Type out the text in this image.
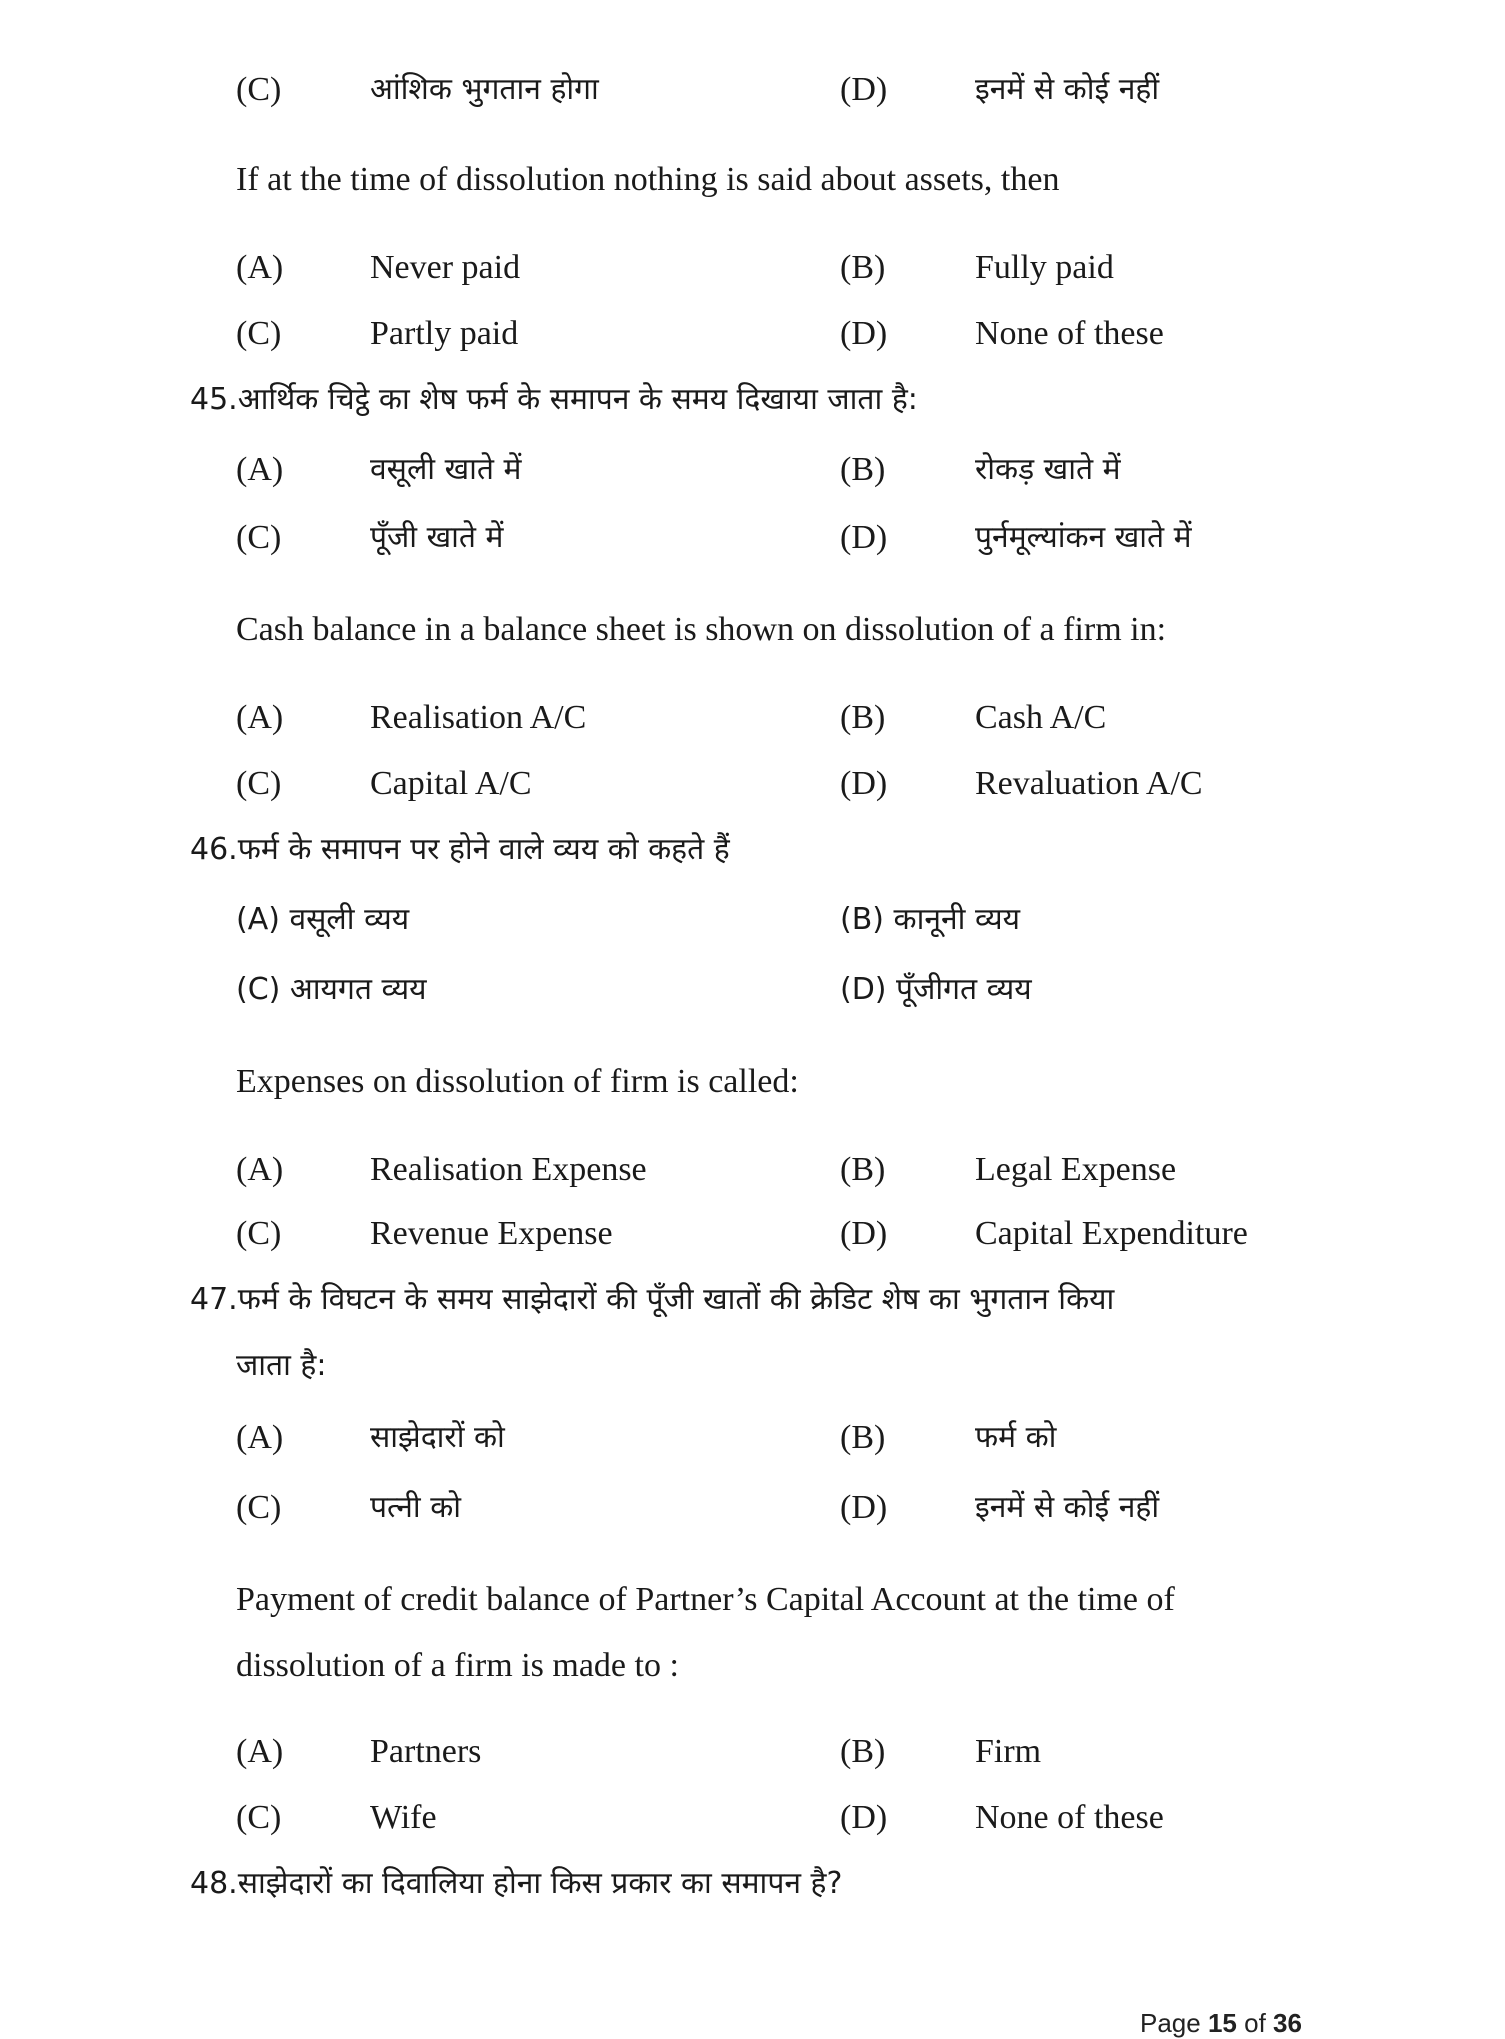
(C)	आंशिक भुगतान होगा	(D)	इनमें से कोई नहीं
If at the time of dissolution nothing is said about assets, then
(A)	Never paid	(B)	Fully paid
(C)	Partly paid	(D)	None of these
45.आर्थिक चिट्ठे का शेष फर्म के समापन के समय दिखाया जाता है:
(A)	वसूली खाते में	(B)	रोकड़ खाते में
(C)	पूँजी खाते में	(D)	पुर्नमूल्यांकन खाते में
Cash balance in a balance sheet is shown on dissolution of a firm in:
(A)	Realisation A/C	(B)	Cash A/C
(C)	Capital A/C	(D)	Revaluation A/C
46.फर्म के समापन पर होने वाले व्यय को कहते हैं
(A) वसूली व्यय	(B) कानूनी व्यय
(C) आयगत व्यय	(D) पूँजीगत व्यय
Expenses on dissolution of firm is called:
(A)	Realisation Expense	(B)	Legal Expense
(C)	Revenue Expense	(D)	Capital Expenditure
47.फर्म के विघटन के समय साझेदारों की पूँजी खातों की क्रेडिट शेष का भुगतान किया
जाता है:
(A)	साझेदारों को	(B)	फर्म को
(C)	पत्नी को	(D)	इनमें से कोई नहीं
Payment of credit balance of Partner’s Capital Account at the time of
dissolution of a firm is made to :
(A)	Partners	(B)	Firm
(C)	Wife	(D)	None of these
48.साझेदारों का दिवालिया होना किस प्रकार का समापन है?
Page 15 of 36
